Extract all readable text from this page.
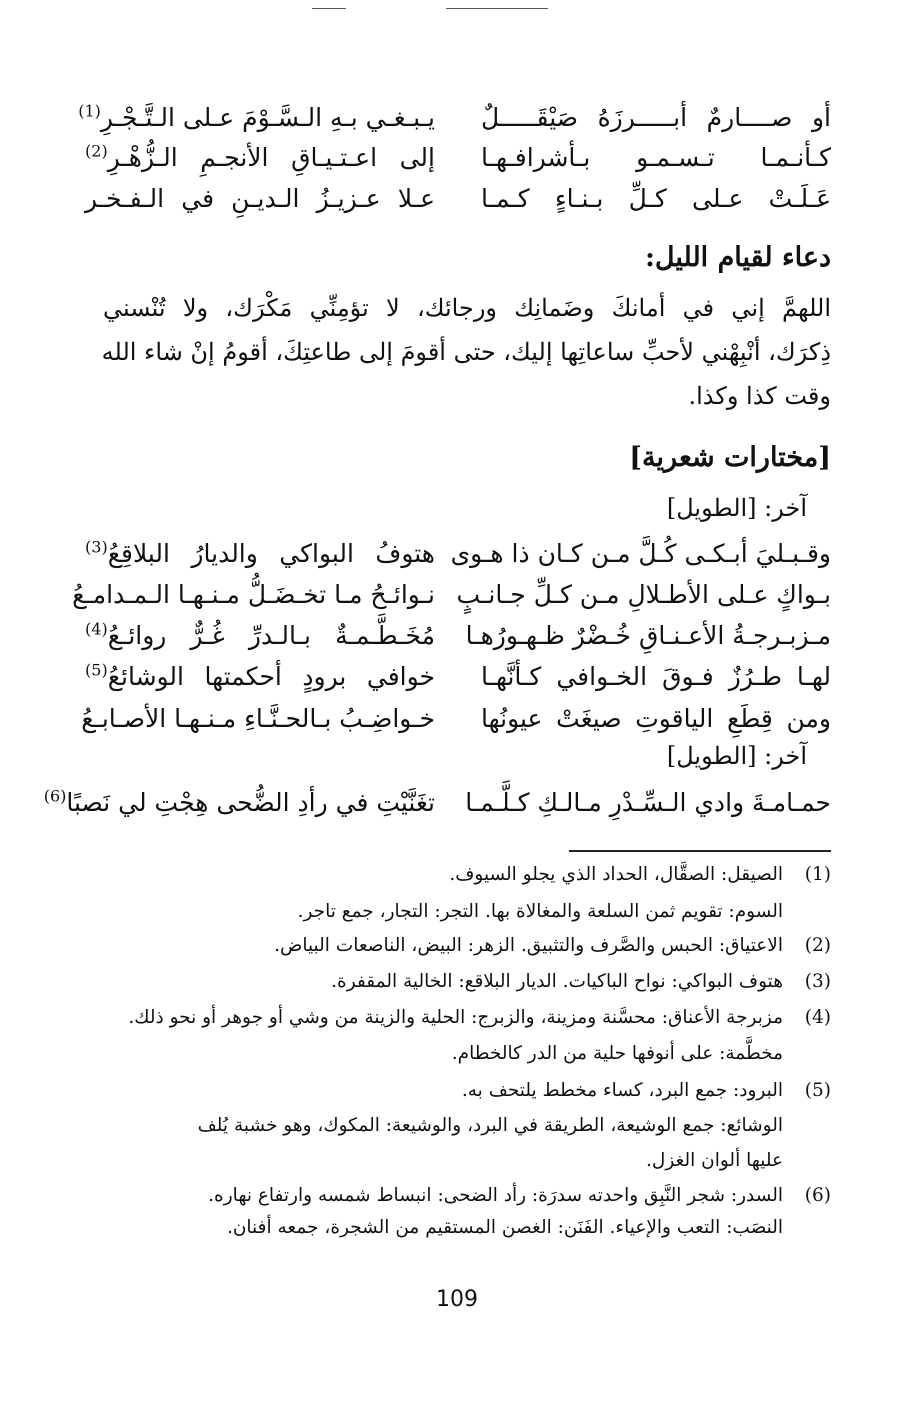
أو صــــارمٌ أبـــــرزَهُ صَيْقَـــــلٌ
يـبـغـي بـهِ الـسَّـوْمَ عـلى الـتَّـجْـرِ$^{(1)}$
كـأنـمـا تـسـمـو بـأشرافـهـا
إلى اعـتـيـاقِ الأنجـمِ الـزُّهْـرِ$^{(2)}$
عَـلَـتْ عـلى كـلِّ بـنـاءٍ كـمـا
عـلا عـزيـزُ الـديـنِ في الـفـخـر
دعاء لقيام الليل:
اللهمَّ إني في أمانكَ وضَمانِك ورجائك، لا تؤمِنِّي مَكْرَك، ولا تُنْسني
ذِكرَك، أنْبِهْني لأحبِّ ساعاتِها إليك، حتى أقومَ إلى طاعتِكَ، أقومُ إنْ شاء الله
وقت كذا وكذا.
[مختارات شعرية]
آخر: [الطويل]
وقـبـليَ أبـكـى كُـلَّ مـن كـان ذا هـوى
هتوفُ البواكي والديارُ البلاقِعُ$^{(3)}$
بـواكٍ عـلى الأطـلالِ مـن كـلِّ جـانـبٍ
نـوائـحُ مـا تخـضَـلُّ مـنـهـا الـمـدامـعُ
مـزبـرجـةُ الأعـنـاقِ خُـضْرٌ ظـهـورُهـا
مُخَـطَّـمـةٌ بـالـدرِّ غُـرٌّ روائـعُ$^{(4)}$
لهـا طـرُزٌ فـوقَ الخـوافي كـأنَّهـا
خوافي برودٍ أحكمتها الوشائعُ$^{(5)}$
ومن قِطَعِ الياقوتِ صيغَتْ عيونُها
خـواضِـبُ بـالحـنَّـاءِ مـنـهـا الأصـابـعُ
آخر: [الطويل]
حمـامـةَ وادي الـسِّـدْرِ مـالـكِ كـلَّـمـا
تغَنَّيْتِ في رأدِ الضُّحى هِجْتِ لي نَصبًا$^{(6)}$
(1)
الصيقل: الصقَّال، الحداد الذي يجلو السيوف.
السوم: تقويم ثمن السلعة والمغالاة بها. التجر: التجار، جمع تاجر.
(2)
الاعتياق: الحبس والصَّرف والتثبيق. الزهر: البيض، الناصعات البياض.
(3)
هتوف البواكي: نواح الباكيات. الديار البلاقع: الخالية المقفرة.
(4)
مزبرجة الأعناق: محسَّنة ومزينة، والزبرج: الحلية والزينة من وشي أو جوهر أو نحو ذلك.
مخطَّمة: على أنوفها حلية من الدر كالخطام.
(5)
البرود: جمع البرد، كساء مخطط يلتحف به.
الوشائع: جمع الوشيعة، الطريقة في البرد، والوشيعة: المكوك، وهو خشبة يُلف
عليها ألوان الغزل.
(6)
السدر: شجر النَّبِق واحدته سدرَة: رأد الضحى: انبساط شمسه وارتفاع نهاره.
النصَب: التعب والإعياء. الفَنَن: الغصن المستقيم من الشجرة، جمعه أفنان.
109
